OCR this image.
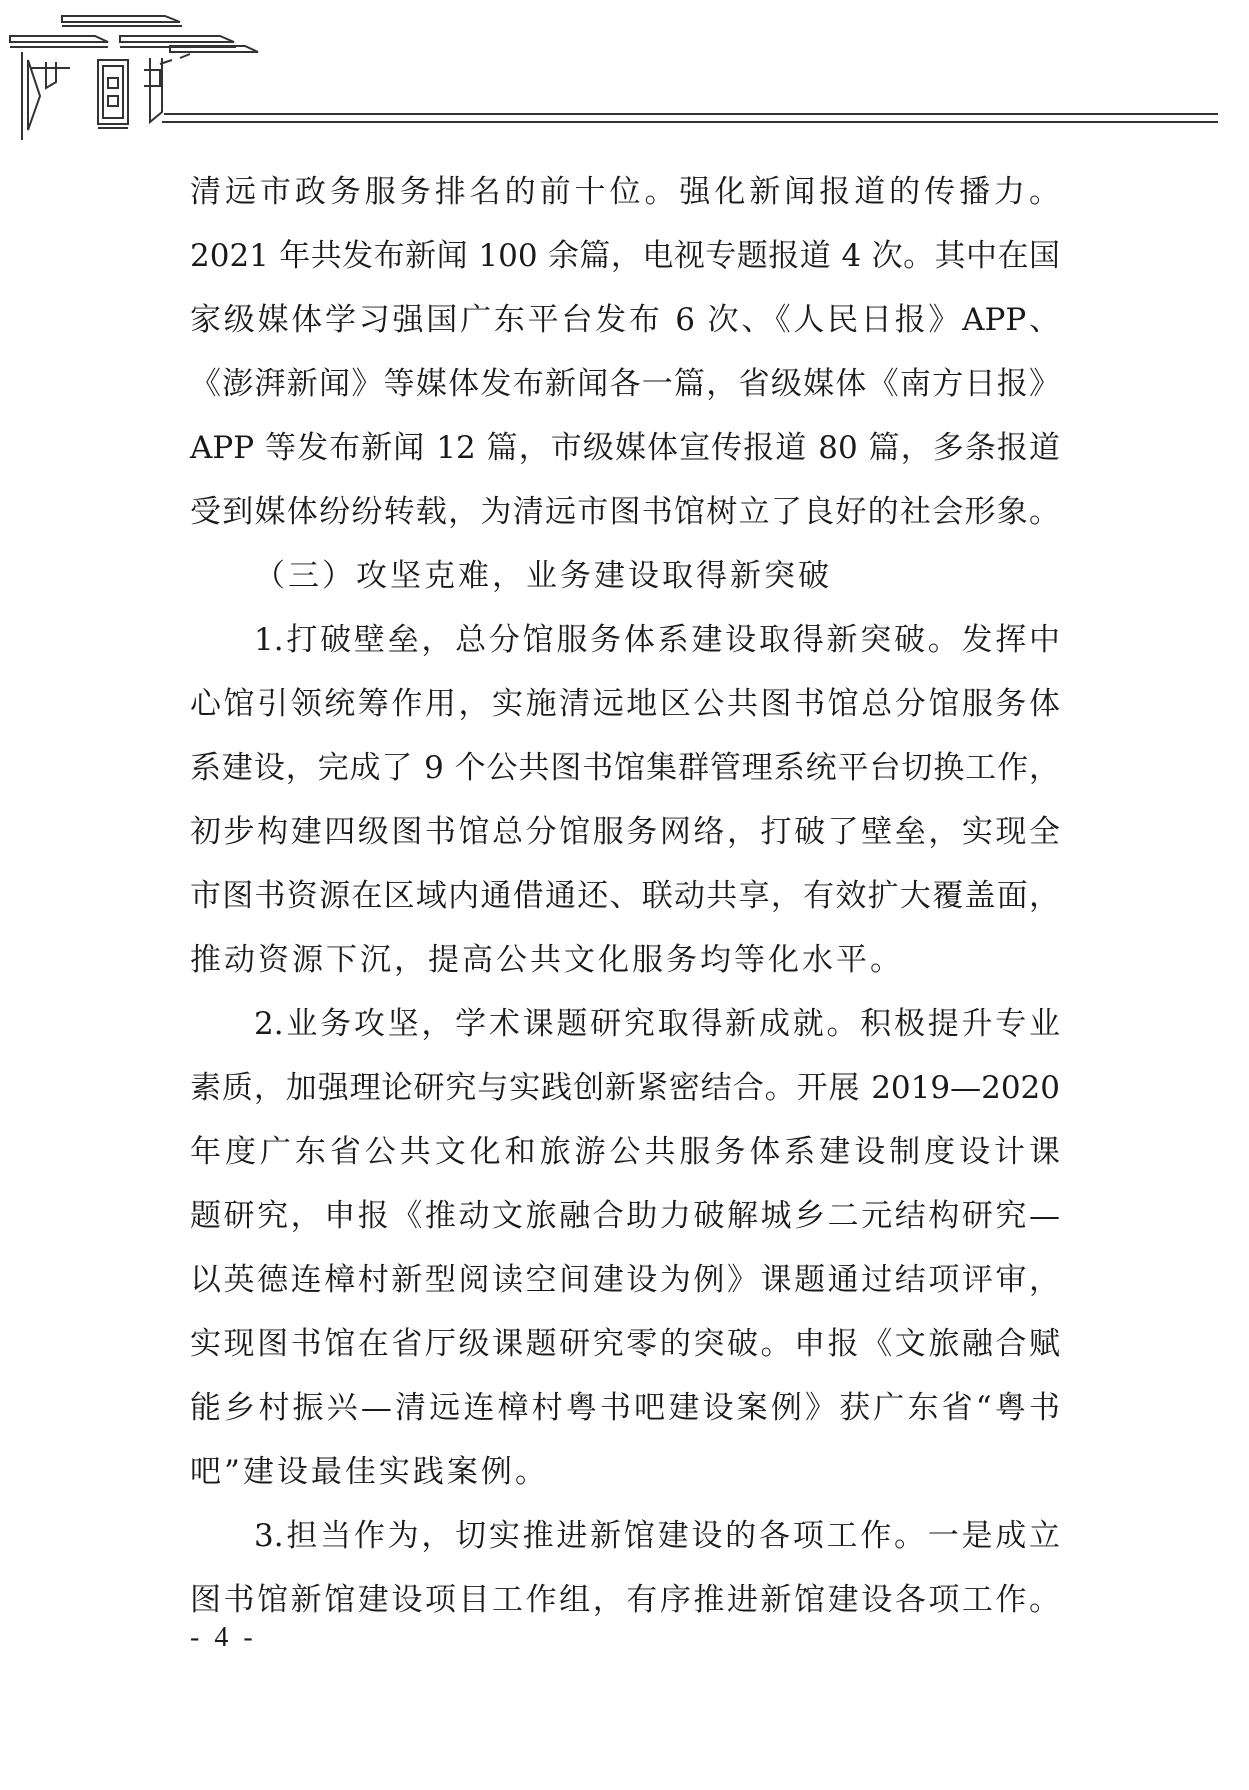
清远市政务服务排名的前十位。强化新闻报道的传播力。
2021 年共发布新闻 100 余篇，电视专题报道 4 次。其中在国
家级媒体学习强国广东平台发布 6 次、《人民日报》APP、
《澎湃新闻》等媒体发布新闻各一篇，省级媒体《南方日报》
APP 等发布新闻 12 篇，市级媒体宣传报道 80 篇，多条报道
受到媒体纷纷转载，为清远市图书馆树立了良好的社会形象。
（三）攻坚克难，业务建设取得新突破
1.打破壁垒，总分馆服务体系建设取得新突破。发挥中
心馆引领统筹作用，实施清远地区公共图书馆总分馆服务体
系建设，完成了 9 个公共图书馆集群管理系统平台切换工作，
初步构建四级图书馆总分馆服务网络，打破了壁垒，实现全
市图书资源在区域内通借通还、联动共享，有效扩大覆盖面，
推动资源下沉，提高公共文化服务均等化水平。
2.业务攻坚，学术课题研究取得新成就。积极提升专业
素质，加强理论研究与实践创新紧密结合。开展 2019—2020
年度广东省公共文化和旅游公共服务体系建设制度设计课
题研究，申报《推动文旅融合助力破解城乡二元结构研究—
以英德连樟村新型阅读空间建设为例》课题通过结项评审，
实现图书馆在省厅级课题研究零的突破。申报《文旅融合赋
能乡村振兴—清远连樟村粤书吧建设案例》获广东省“粤书
吧”建设最佳实践案例。
3.担当作为，切实推进新馆建设的各项工作。一是成立
图书馆新馆建设项目工作组，有序推进新馆建设各项工作。
- 4 -
